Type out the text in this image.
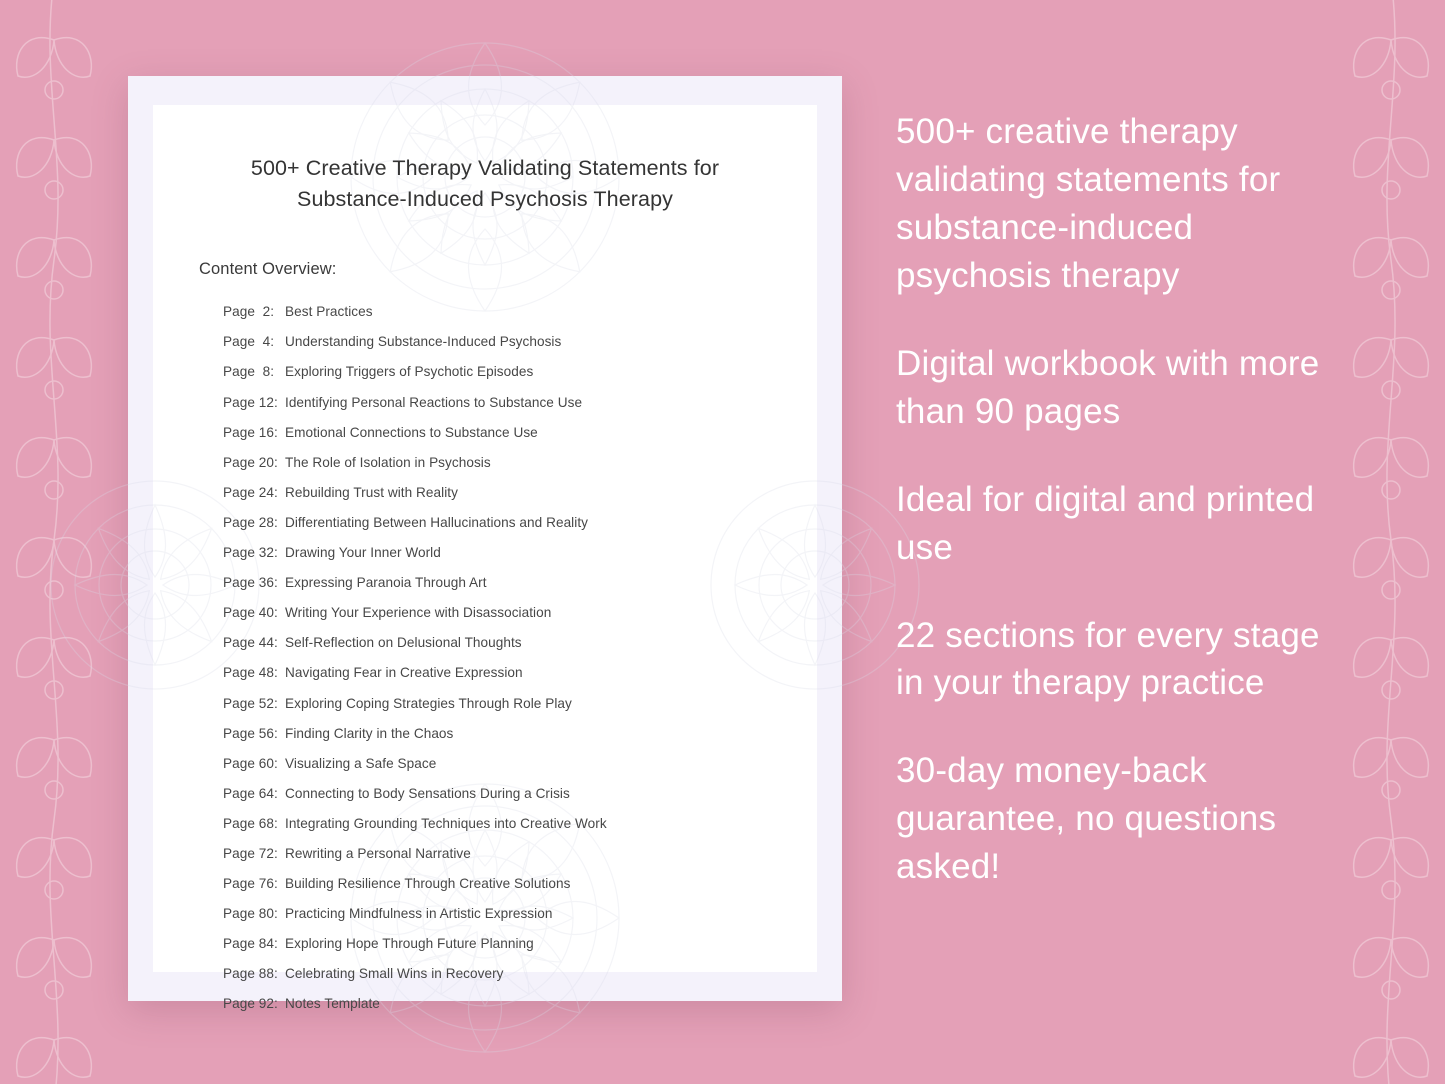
500+ Creative Therapy Validating Statements for Substance-Induced Psychosis Therapy
Content Overview:
Page  2: Best Practices
Page  4: Understanding Substance-Induced Psychosis
Page  8: Exploring Triggers of Psychotic Episodes
Page 12: Identifying Personal Reactions to Substance Use
Page 16: Emotional Connections to Substance Use
Page 20: The Role of Isolation in Psychosis
Page 24: Rebuilding Trust with Reality
Page 28: Differentiating Between Hallucinations and Reality
Page 32: Drawing Your Inner World
Page 36: Expressing Paranoia Through Art
Page 40: Writing Your Experience with Disassociation
Page 44: Self-Reflection on Delusional Thoughts
Page 48: Navigating Fear in Creative Expression
Page 52: Exploring Coping Strategies Through Role Play
Page 56: Finding Clarity in the Chaos
Page 60: Visualizing a Safe Space
Page 64: Connecting to Body Sensations During a Crisis
Page 68: Integrating Grounding Techniques into Creative Work
Page 72: Rewriting a Personal Narrative
Page 76: Building Resilience Through Creative Solutions
Page 80: Practicing Mindfulness in Artistic Expression
Page 84: Exploring Hope Through Future Planning
Page 88: Celebrating Small Wins in Recovery
Page 92: Notes Template
500+ creative therapy validating statements for substance-induced psychosis therapy
Digital workbook with more than 90 pages
Ideal for digital and printed use
22 sections for every stage in your therapy practice
30-day money-back guarantee, no questions asked!
